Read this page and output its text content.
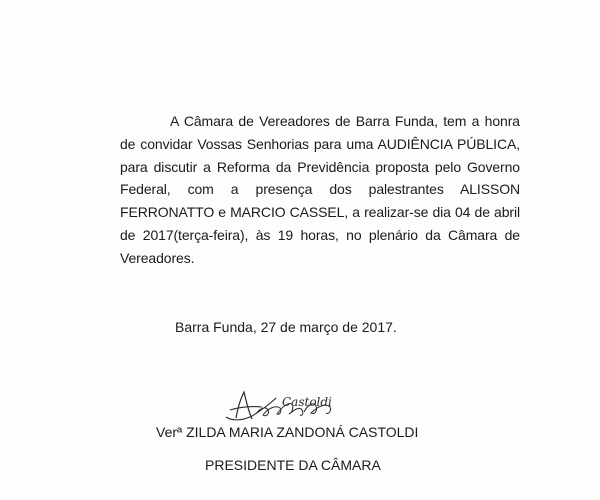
A Câmara de Vereadores de Barra Funda, tem a honra de convidar Vossas Senhorias para uma AUDIÊNCIA PÚBLICA, para discutir a Reforma da Previdência proposta pelo Governo Federal, com a presença dos palestrantes ALISSON FERRONATTO e MARCIO CASSEL, a realizar-se dia 04 de abril de 2017(terça-feira), às 19 horas, no plenário da Câmara de Vereadores.

Barra Funda, 27 de março de 2017.
Castoldi
Verª ZILDA MARIA ZANDONÁ CASTOLDI
PRESIDENTE DA CÂMARA
